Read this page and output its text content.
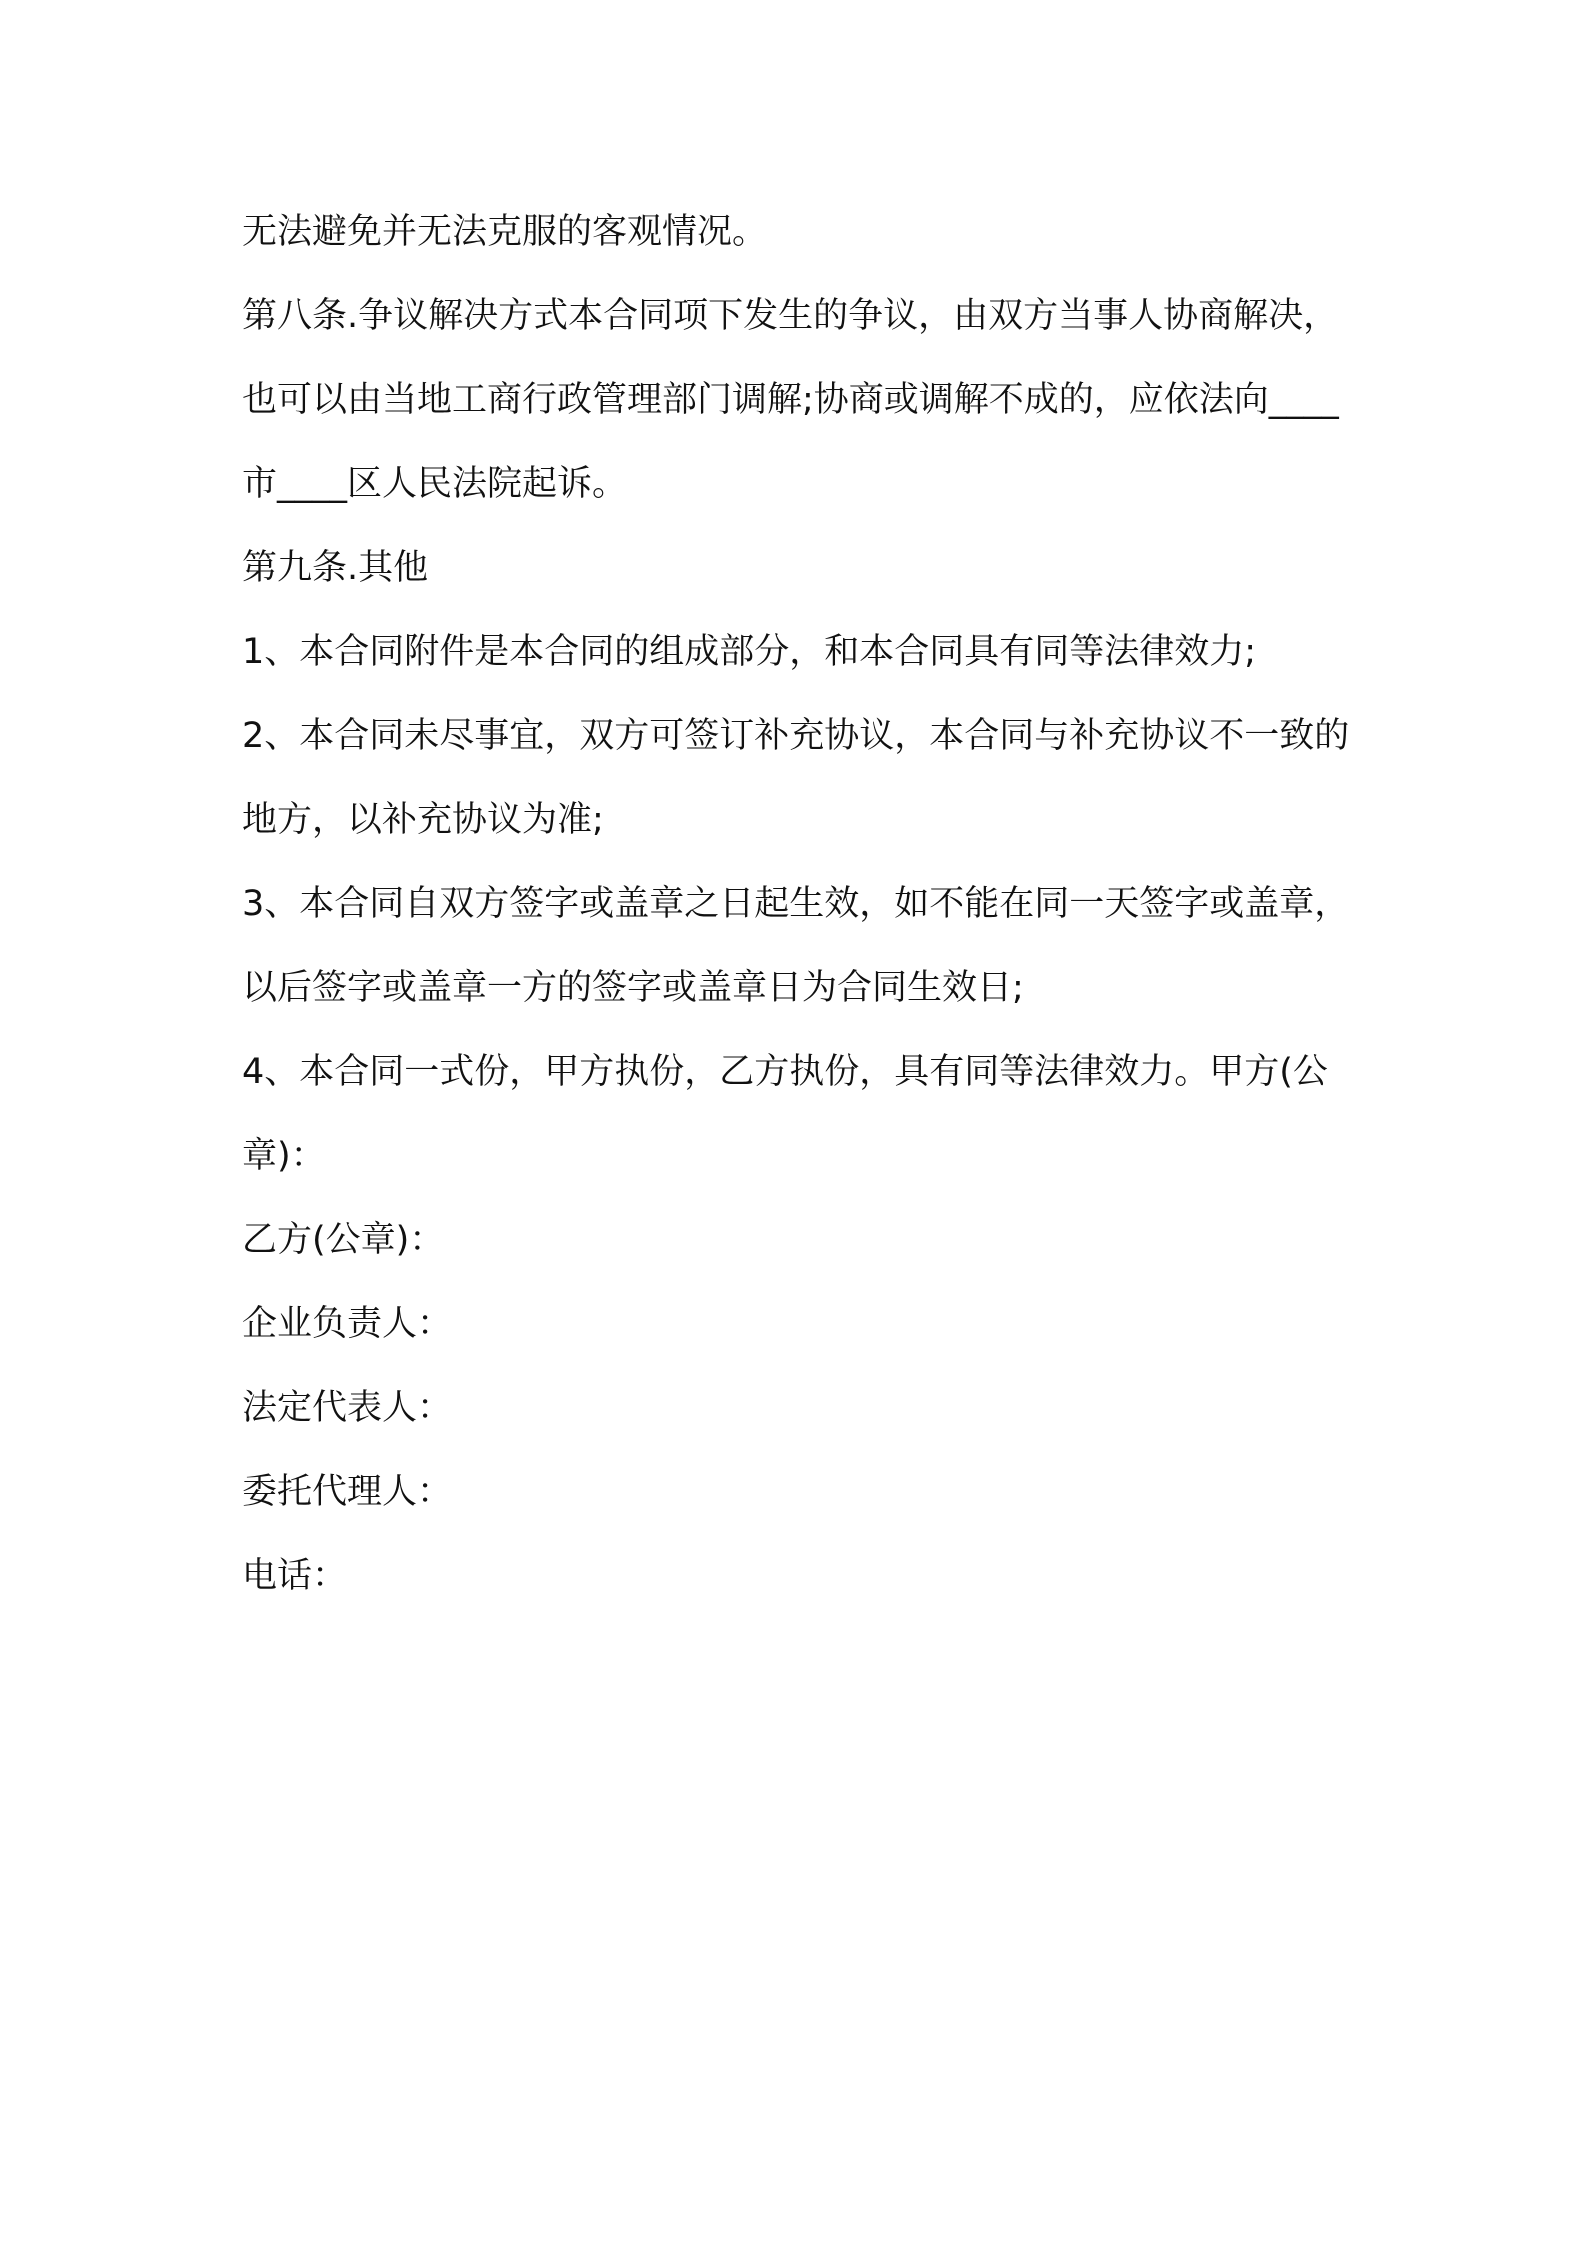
无法避免并无法克服的客观情况。

第八条.争议解决方式本合同项下发生的争议，由双方当事人协商解决，也可以由当地工商行政管理部门调解;协商或调解不成的，应依法向____市____区人民法院起诉。

第九条.其他

1、本合同附件是本合同的组成部分，和本合同具有同等法律效力;

2、本合同未尽事宜，双方可签订补充协议，本合同与补充协议不一致的地方，以补充协议为准;

3、本合同自双方签字或盖章之日起生效，如不能在同一天签字或盖章，以后签字或盖章一方的签字或盖章日为合同生效日;

4、本合同一式份，甲方执份，乙方执份，具有同等法律效力。甲方(公章)：

乙方(公章)：

企业负责人：

法定代表人：

委托代理人：

电话：
